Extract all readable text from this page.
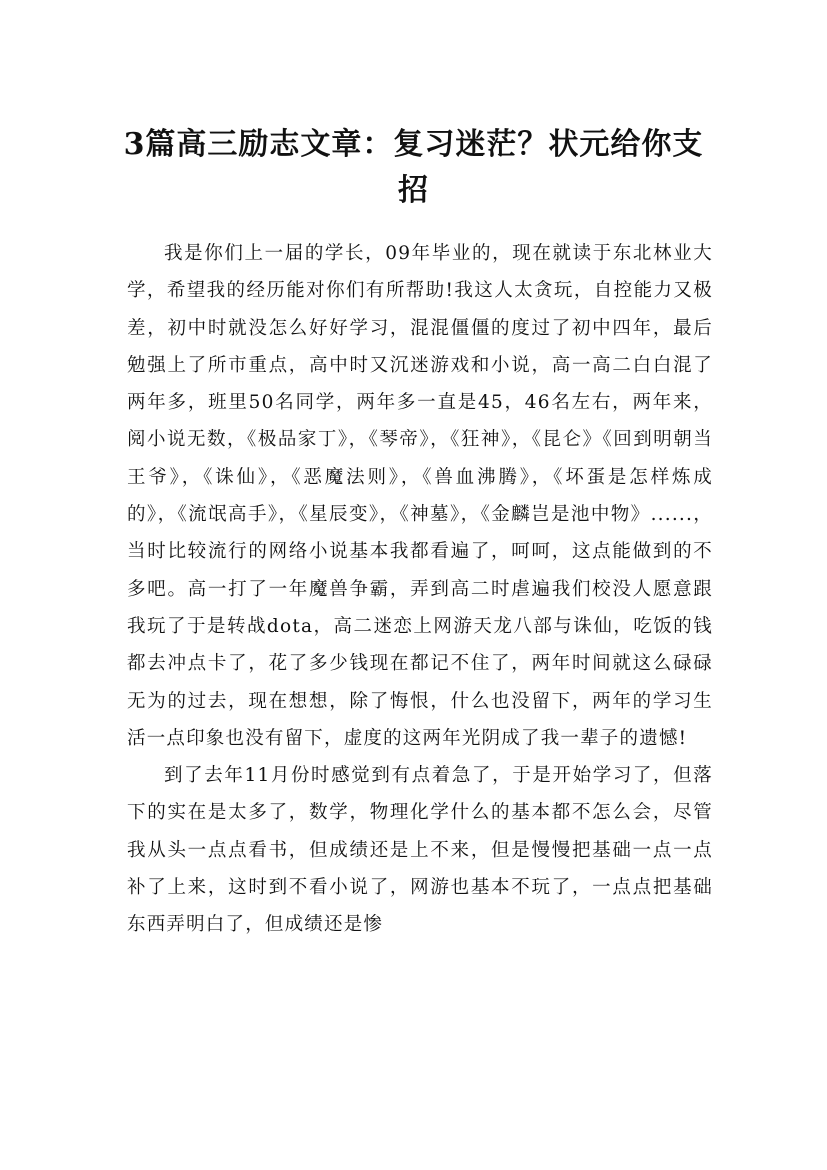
3篇高三励志文章：复习迷茫？状元给你支招

我是你们上一届的学长，09年毕业的，现在就读于东北林业大学，希望我的经历能对你们有所帮助!我这人太贪玩，自控能力又极差，初中时就没怎么好好学习，混混僵僵的度过了初中四年，最后勉强上了所市重点，高中时又沉迷游戏和小说，高一高二白白混了两年多，班里50名同学，两年多一直是45，46名左右，两年来，阅小说无数，《极品家丁》，《琴帝》，《狂神》，《昆仑》《回到明朝当王爷》，《诛仙》，《恶魔法则》，《兽血沸腾》，《坏蛋是怎样炼成的》，《流氓高手》，《星辰变》，《神墓》，《金麟岂是池中物》......，当时比较流行的网络小说基本我都看遍了，呵呵，这点能做到的不多吧。高一打了一年魔兽争霸，弄到高二时虐遍我们校没人愿意跟我玩了于是转战dota，高二迷恋上网游天龙八部与诛仙，吃饭的钱都去冲点卡了，花了多少钱现在都记不住了，两年时间就这么碌碌无为的过去，现在想想，除了悔恨，什么也没留下，两年的学习生活一点印象也没有留下，虚度的这两年光阴成了我一辈子的遗憾!

到了去年11月份时感觉到有点着急了，于是开始学习了，但落下的实在是太多了，数学，物理化学什么的基本都不怎么会，尽管我从头一点点看书，但成绩还是上不来，但是慢慢把基础一点一点补了上来，这时到不看小说了，网游也基本不玩了，一点点把基础东西弄明白了，但成绩还是惨
